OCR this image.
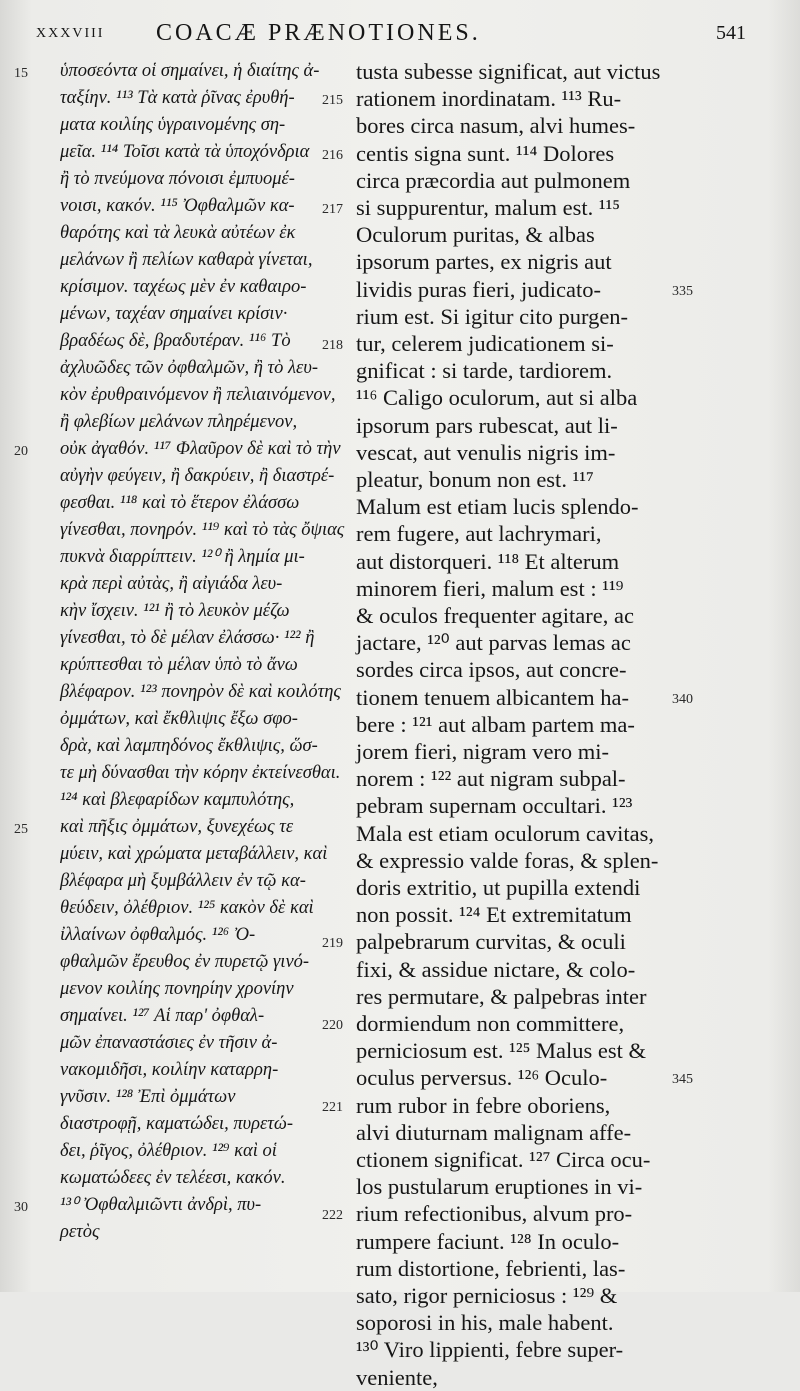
XXXVIII COACÆ PRÆNOTIONES.	541
ὑποσεόντα οἱ σημαίνει, ἡ διαίτης ἀ-
ταξίην. ¹¹³ Τὰ κατὰ ῥῖνας ἐρυθή-
ματα κοιλίης ὑγραινομένης ση-
μεῖα. ¹¹⁴ Τοῖσι κατὰ τὰ ὑποχόνδρια
ἢ τὸ πνεύμονα πόνοισι ἐμπυομέ-
νοισι, κακόν. ¹¹⁵ Ὀφθαλμῶν κα-
θαρότης καὶ τὰ λευκὰ αὐτέων ἐκ
μελάνων ἢ πελίων καθαρὰ γίνεται,
κρίσιμον. ταχέως μὲν ἐν καθαιρο-
μένων, ταχέαν σημαίνει κρίσιν·
βραδέως δὲ, βραδυτέραν. ¹¹⁶ Τὸ
ἀχλυῶδες τῶν ὀφθαλμῶν, ἢ τὸ λευ-
κὸν ἐρυθραινόμενον ἢ πελιαινόμενον,
ἢ φλεβίων μελάνων πληρέμενον,
οὐκ ἀγαθόν. ¹¹⁷ Φλαῦρον δὲ καὶ τὸ τὴν
αὐγὴν φεύγειν, ἢ δακρύειν, ἢ διαστρέ-
φεσθαι. ¹¹⁸ καὶ τὸ ἕτερον ἐλάσσω
γίνεσθαι, πονηρόν. ¹¹⁹ καὶ τὸ τὰς ὄψιας
πυκνὰ διαρρίπτειν. ¹²⁰ ἢ λημία μι-
κρὰ περὶ αὐτὰς, ἢ αἰγιάδα λευ-
κὴν ἴσχειν. ¹²¹ ἢ τὸ λευκὸν μέζω
γίνεσθαι, τὸ δὲ μέλαν ἐλάσσω· ¹²² ἢ
κρύπτεσθαι τὸ μέλαν ὑπὸ τὸ ἄνω
βλέφαρον. ¹²³ πονηρὸν δὲ καὶ κοιλότης
ὀμμάτων, καὶ ἔκθλιψις ἔξω σφο-
δρὰ, καὶ λαμπηδόνος ἔκθλιψις, ὥσ-
τε μὴ δύνασθαι τὴν κόρην ἐκτείνεσθαι.
¹²⁴ καὶ βλεφαρίδων καμπυλότης,
καὶ πῆξις ὀμμάτων, ξυνεχέως τε
μύειν, καὶ χρώματα μεταβάλλειν, καὶ
βλέφαρα μὴ ξυμβάλλειν ἐν τῷ κα-
θεύδειν, ὀλέθριον. ¹²⁵ κακὸν δὲ καὶ
ἰλλαίνων ὀφθαλμός. ¹²⁶ Ὀ-
φθαλμῶν ἔρευθος ἐν πυρετῷ γινό-
μενον κοιλίης πονηρίην χρονίην
σημαίνει. ¹²⁷ Αἱ παρ' ὀφθαλ-
μῶν ἐπαναστάσιες ἐν τῆσιν ἀ-
νακομιδῆσι, κοιλίην καταρρη-
γνῦσιν. ¹²⁸ Ἐπὶ ὀμμάτων
διαστροφῇ, καματώδει, πυρετώ-
δει, ῥῖγος, ὀλέθριον. ¹²⁹ καὶ οἱ
κωματώδεες ἐν τελέεσι, κακόν.
¹³⁰ Ὀφθαλμιῶντι ἀνδρὶ, πυ-
ρετὸς
tusta subesse significat, aut victus
rationem inordinatam. ¹¹³ Ru-
bores circa nasum, alvi humes-
centis signa sunt. ¹¹⁴ Dolores
circa præcordia aut pulmonem
si suppurentur, malum est. ¹¹⁵
Oculorum puritas, & albas
ipsorum partes, ex nigris aut
lividis puras fieri, judicato-
rium est. Si igitur cito purgen-
tur, celerem judicationem si-
gnificat : si tarde, tardiorem.
¹¹⁶ Caligo oculorum, aut si alba
ipsorum pars rubescat, aut li-
vescat, aut venulis nigris im-
pleatur, bonum non est. ¹¹⁷
Malum est etiam lucis splendo-
rem fugere, aut lachrymari,
aut distorqueri. ¹¹⁸ Et alterum
minorem fieri, malum est : ¹¹⁹
& oculos frequenter agitare, ac
jactare, ¹²⁰ aut parvas lemas ac
sordes circa ipsos, aut concre-
tionem tenuem albicantem ha-
bere : ¹²¹ aut albam partem ma-
jorem fieri, nigram vero mi-
norem : ¹²² aut nigram subpal-
pebram supernam occultari. ¹²³
Mala est etiam oculorum cavitas,
& expressio valde foras, & splen-
doris extritio, ut pupilla extendi
non possit. ¹²⁴ Et extremitatum
palpebrarum curvitas, & oculi
fixi, & assidue nictare, & colo-
res permutare, & palpebras inter
dormiendum non committere,
perniciosum est. ¹²⁵ Malus est &
oculus perversus. ¹²⁶ Oculo-
rum rubor in febre oboriens,
alvi diuturnam malignam affe-
ctionem significat. ¹²⁷ Circa ocu-
los pustularum eruptiones in vi-
rium refectionibus, alvum pro-
rumpere faciunt. ¹²⁸ In oculo-
rum distortione, febrienti, las-
sato, rigor perniciosus : ¹²⁹ &
soporosi in his, male habent.
¹³⁰ Viro lippienti, febre super-
veniente,
15
20
25
30
215
216
217
218
219
220
221
222
335
340
345
